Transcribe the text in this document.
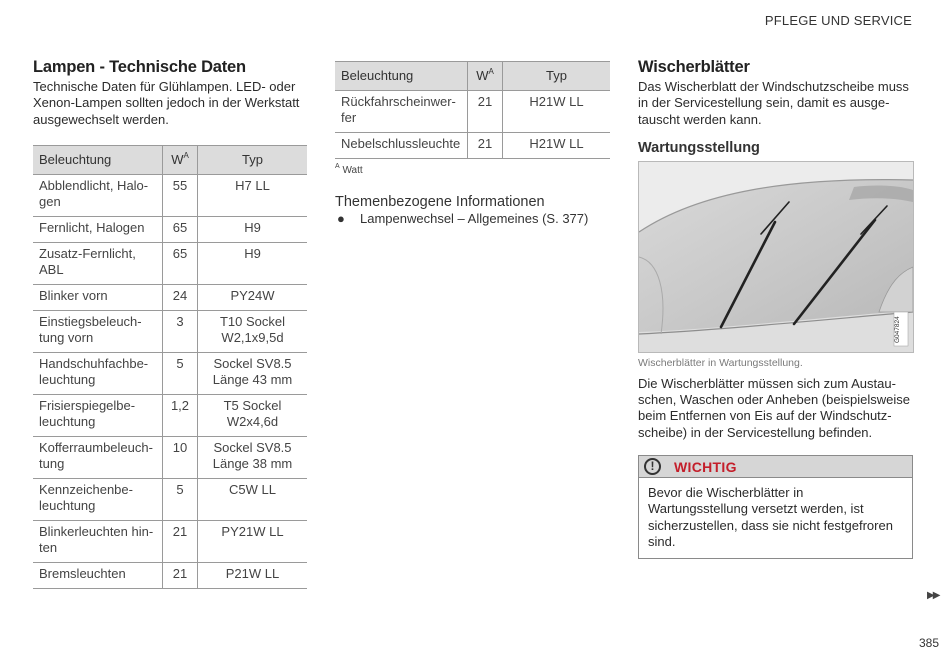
PFLEGE UND SERVICE
Lampen - Technische Daten

Technische Daten für Glühlampen. LED- oder Xenon-Lampen sollten jedoch in der Werkstatt ausgewechselt werden.

Beleuchtung	$W^A$	Typ
Abblendlicht, Halo-gen	55	H7 LL
Fernlicht, Halogen	65	H9
Zusatz-Fernlicht, ABL	65	H9
Blinker vorn	24	PY24W
Einstiegsbeleuch-tung vorn	3	T10 Sockel W2,1x9,5d
Handschuhfachbe-leuchtung	5	Sockel SV8.5 Länge 43 mm
Frisierspiegelbe-leuchtung	1,2	T5 Sockel W2x4,6d
Kofferraumbeleuch-tung	10	Sockel SV8.5 Länge 38 mm
Kennzeichenbe-leuchtung	5	C5W LL
Blinkerleuchten hin-ten	21	PY21W LL
Bremsleuchten	21	P21W LL
Beleuchtung	$W^A$	Typ
Rückfahrscheinwer-fer	21	H21W LL
Nebelschlussleuchte	21	H21W LL
$^A$ Watt
Themenbezogene Informationen
●	Lampenwechsel – Allgemeines (S. 377)
Wischerblätter

Das Wischerblatt der Windschutzscheibe muss in der Servicestellung sein, damit es ausge-tauscht werden kann.

Wartungsstellung
G047824
Wischerblätter in Wartungsstellung.

Die Wischerblätter müssen sich zum Austau-schen, Waschen oder Anheben (beispielsweise beim Entfernen von Eis auf der Windschutz-scheibe) in der Servicestellung befinden.

!	WICHTIG
Bevor die Wischerblätter in Wartungsstellung versetzt werden, ist sicherzustellen, dass sie nicht festgefroren sind.
▶▶
385
